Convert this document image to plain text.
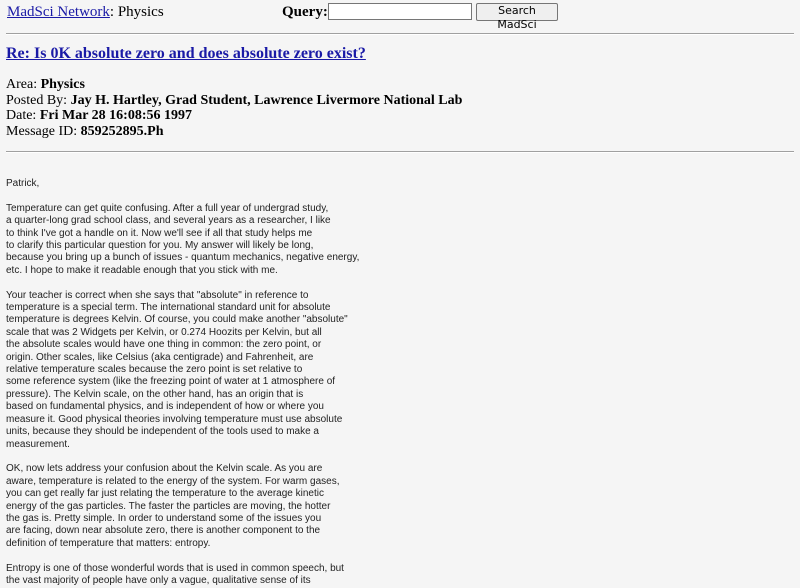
MadSci Network: Physics	Query:	Search MadSci
Re: Is 0K absolute zero and does absolute zero exist?
Area: Physics
Posted By: Jay H. Hartley, Grad Student, Lawrence Livermore National Lab
Date: Fri Mar 28 16:08:56 1997
Message ID: 859252895.Ph
Patrick,
Temperature can get quite confusing. After a full year of undergrad study,
a quarter-long grad school class, and several years as a researcher, I like
to think I've got a handle on it. Now we'll see if all that study helps me
to clarify this particular question for you. My answer will likely be long,
because you bring up a bunch of issues - quantum mechanics, negative energy,
etc. I hope to make it readable enough that you stick with me.
Your teacher is correct when she says that "absolute" in reference to
temperature is a special term. The international standard unit for absolute
temperature is degrees Kelvin. Of course, you could make another "absolute"
scale that was 2 Widgets per Kelvin, or 0.274 Hoozits per Kelvin, but all
the absolute scales would have one thing in common: the zero point, or
origin. Other scales, like Celsius (aka centigrade) and Fahrenheit, are
relative temperature scales because the zero point is set relative to
some reference system (like the freezing point of water at 1 atmosphere of
pressure). The Kelvin scale, on the other hand, has an origin that is
based on fundamental physics, and is independent of how or where you
measure it. Good physical theories involving temperature must use absolute
units, because they should be independent of the tools used to make a
measurement.
OK, now lets address your confusion about the Kelvin scale. As you are
aware, temperature is related to the energy of the system. For warm gases,
you can get really far just relating the temperature to the average kinetic
energy of the gas particles. The faster the particles are moving, the hotter
the gas is. Pretty simple. In order to understand some of the issues you
are facing, down near absolute zero, there is another component to the
definition of temperature that matters: entropy.
Entropy is one of those wonderful words that is used in common speech, but
the vast majority of people have only a vague, qualitative sense of its
